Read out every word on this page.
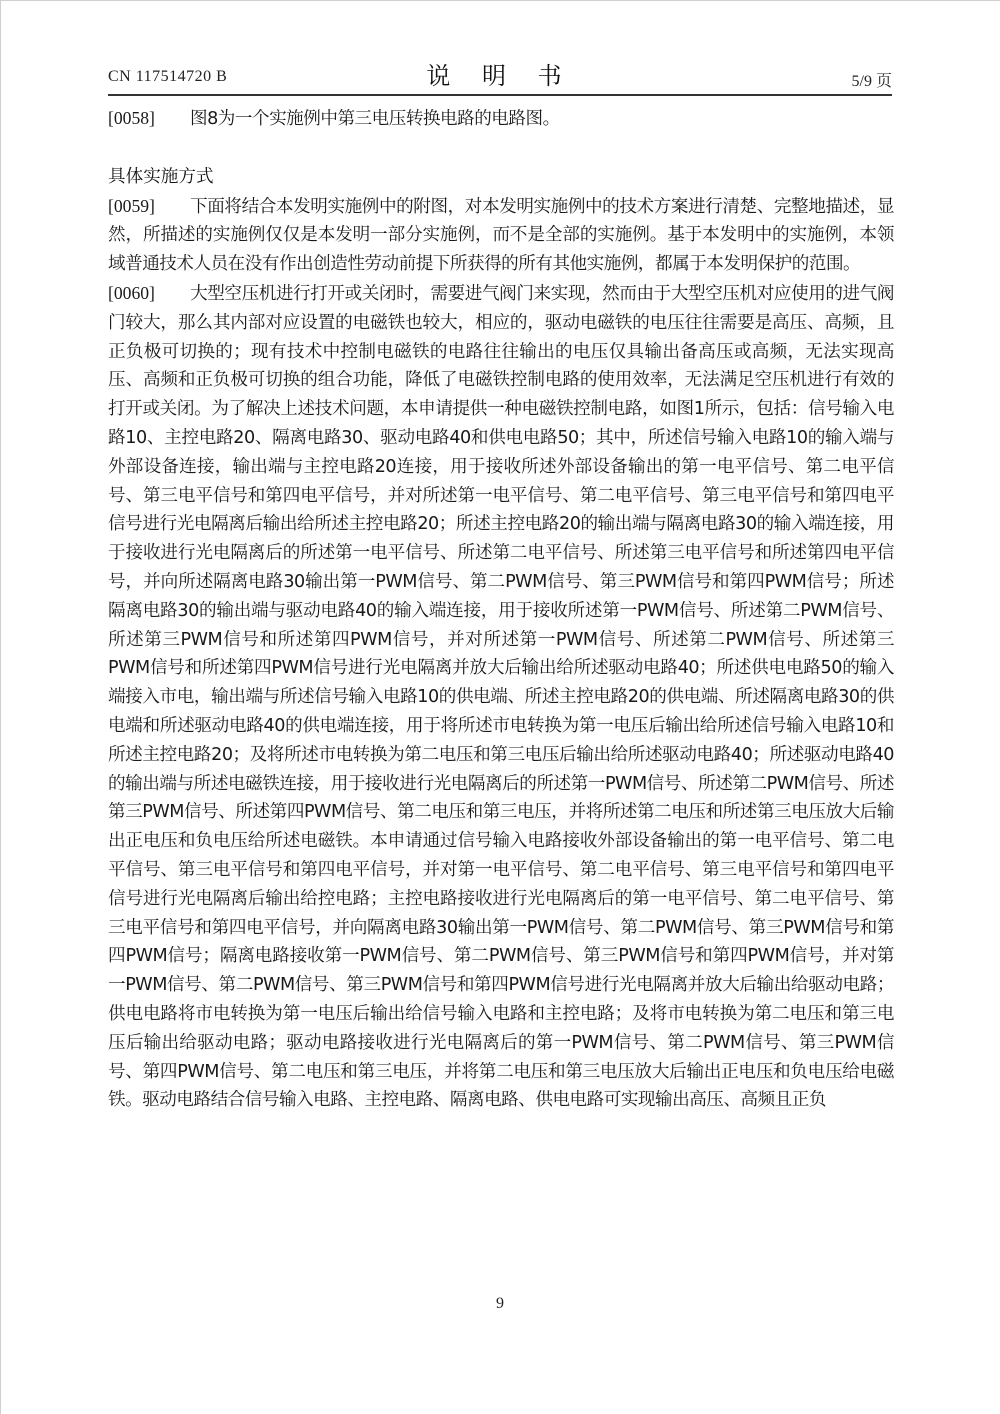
CN 117514720 B	说 明 书	5/9 页

[0058] 图8为一个实施例中第三电压转换电路的电路图。

具体实施方式

[0059] 下面将结合本发明实施例中的附图，对本发明实施例中的技术方案进行清楚、完整地描述，显然，所描述的实施例仅仅是本发明一部分实施例，而不是全部的实施例。基于本发明中的实施例，本领域普通技术人员在没有作出创造性劳动前提下所获得的所有其他实施例，都属于本发明保护的范围。

[0060] 大型空压机进行打开或关闭时，需要进气阀门来实现，然而由于大型空压机对应使用的进气阀门较大，那么其内部对应设置的电磁铁也较大，相应的，驱动电磁铁的电压往往需要是高压、高频，且正负极可切换的；现有技术中控制电磁铁的电路往往输出的电压仅具输出备高压或高频，无法实现高压、高频和正负极可切换的组合功能，降低了电磁铁控制电路的使用效率，无法满足空压机进行有效的打开或关闭。为了解决上述技术问题，本申请提供一种电磁铁控制电路，如图1所示，包括：信号输入电路10、主控电路20、隔离电路30、驱动电路40和供电电路50；其中，所述信号输入电路10的输入端与外部设备连接，输出端与主控电路20连接，用于接收所述外部设备输出的第一电平信号、第二电平信号、第三电平信号和第四电平信号，并对所述第一电平信号、第二电平信号、第三电平信号和第四电平信号进行光电隔离后输出给所述主控电路20；所述主控电路20的输出端与隔离电路30的输入端连接，用于接收进行光电隔离后的所述第一电平信号、所述第二电平信号、所述第三电平信号和所述第四电平信号，并向所述隔离电路30输出第一PWM信号、第二PWM信号、第三PWM信号和第四PWM信号；所述隔离电路30的输出端与驱动电路40的输入端连接，用于接收所述第一PWM信号、所述第二PWM信号、所述第三PWM信号和所述第四PWM信号，并对所述第一PWM信号、所述第二PWM信号、所述第三PWM信号和所述第四PWM信号进行光电隔离并放大后输出给所述驱动电路40；所述供电电路50的输入端接入市电，输出端与所述信号输入电路10的供电端、所述主控电路20的供电端、所述隔离电路30的供电端和所述驱动电路40的供电端连接，用于将所述市电转换为第一电压后输出给所述信号输入电路10和所述主控电路20；及将所述市电转换为第二电压和第三电压后输出给所述驱动电路40；所述驱动电路40的输出端与所述电磁铁连接，用于接收进行光电隔离后的所述第一PWM信号、所述第二PWM信号、所述第三PWM信号、所述第四PWM信号、第二电压和第三电压，并将所述第二电压和所述第三电压放大后输出正电压和负电压给所述电磁铁。本申请通过信号输入电路接收外部设备输出的第一电平信号、第二电平信号、第三电平信号和第四电平信号，并对第一电平信号、第二电平信号、第三电平信号和第四电平信号进行光电隔离后输出给控电路；主控电路接收进行光电隔离后的第一电平信号、第二电平信号、第三电平信号和第四电平信号，并向隔离电路30输出第一PWM信号、第二PWM信号、第三PWM信号和第四PWM信号；隔离电路接收第一PWM信号、第二PWM信号、第三PWM信号和第四PWM信号，并对第一PWM信号、第二PWM信号、第三PWM信号和第四PWM信号进行光电隔离并放大后输出给驱动电路；供电电路将市电转换为第一电压后输出给信号输入电路和主控电路；及将市电转换为第二电压和第三电压后输出给驱动电路；驱动电路接收进行光电隔离后的第一PWM信号、第二PWM信号、第三PWM信号、第四PWM信号、第二电压和第三电压，并将第二电压和第三电压放大后输出正电压和负电压给电磁铁。驱动电路结合信号输入电路、主控电路、隔离电路、供电电路可实现输出高压、高频且正负

9
